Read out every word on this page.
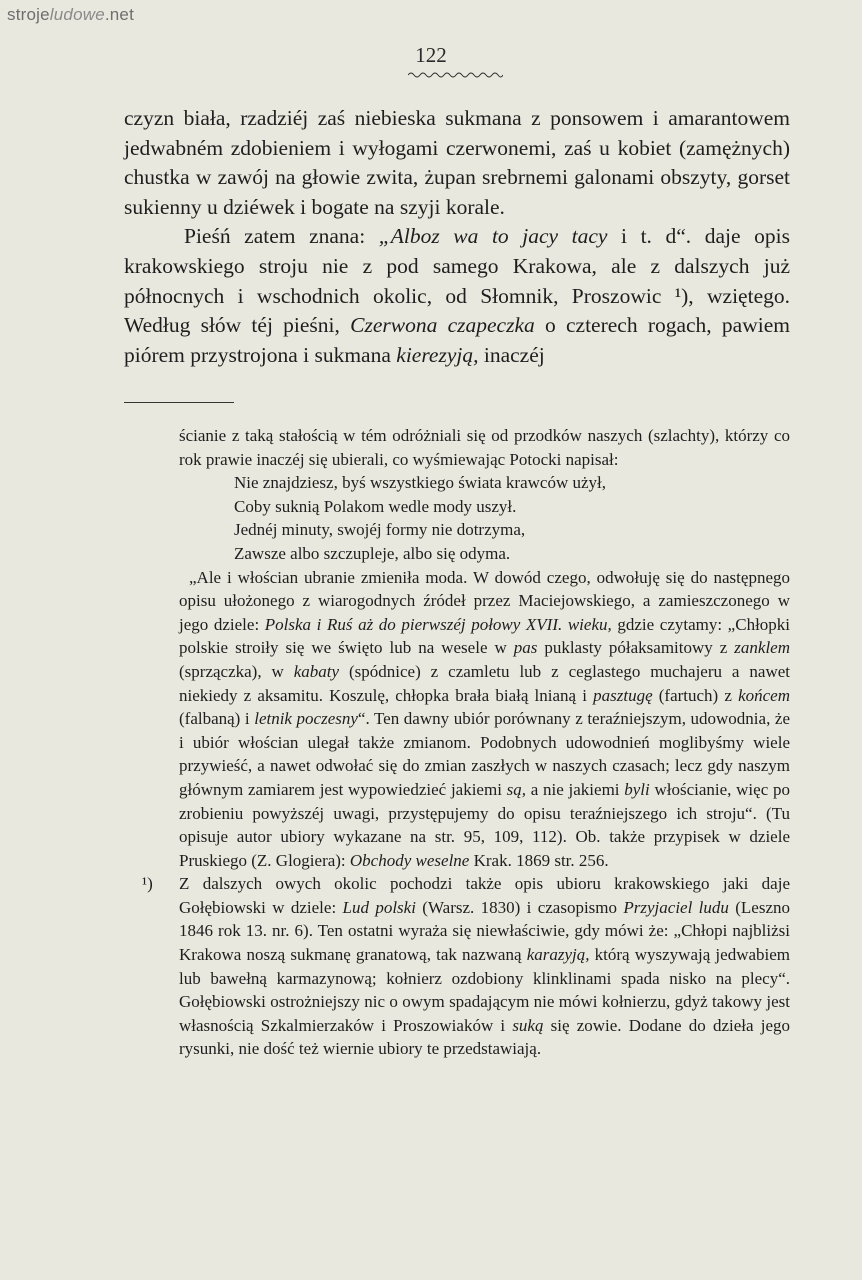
strojeludowe.net
122

czyzn biała, rzadziéj zaś niebieska sukmana z ponsowem i amarantowem jedwabném zdobieniem i wyłogami czerwonemi, zaś u kobiet (zamężnych) chustka w zawój na głowie zwita, żupan srebrnemi galonami obszyty, gorset sukienny u dziéwek i bogate na szyji korale.

Pieśń zatem znana: „Alboz wa to jacy tacy i t. d“. daje opis krakowskiego stroju nie z pod samego Krakowa, ale z dalszych już północnych i wschodnich okolic, od Słomnik, Proszowic ¹), wziętego. Według słów téj pieśni, Czerwona czapeczka o czterech rogach, pawiem piórem przystrojona i sukmana kierezyją, inaczéj

ścianie z taką stałością w tém odróżniali się od przodków naszych (szlachty), którzy co rok prawie inaczéj się ubierali, co wyśmiewając Potocki napisał:

Nie znajdziesz, byś wszystkiego świata krawców użył,
Coby suknią Polakom wedle mody uszył.
Jednéj minuty, swojéj formy nie dotrzyma,
Zawsze albo szczupleje, albo się odyma.

„Ale i włościan ubranie zmieniła moda. W dowód czego, odwołuję się do następnego opisu ułożonego z wiarogodnych źródeł przez Maciejowskiego, a zamieszczonego w jego dziele: Polska i Ruś aż do pierwszéj połowy XVII. wieku, gdzie czytamy: „Chłopki polskie stroiły się we święto lub na wesele w pas puklasty półaksamitowy z zanklem (sprzączka), w kabaty (spódnice) z czamletu lub z ceglastego muchajeru a nawet niekiedy z aksamitu. Koszulę, chłopka brała białą lnianą i pasztugę (fartuch) z końcem (falbaną) i letnik poczesny“. Ten dawny ubiór porównany z teraźniejszym, udowodnia, że i ubiór włościan ulegał także zmianom. Podobnych udowodnień moglibyśmy wiele przywieść, a nawet odwołać się do zmian zaszłych w naszych czasach; lecz gdy naszym głównym zamiarem jest wypowiedzieć jakiemi są, a nie jakiemi byli włościanie, więc po zrobieniu powyższéj uwagi, przystępujemy do opisu teraźniejszego ich stroju“. (Tu opisuje autor ubiory wykazane na str. 95, 109, 112). Ob. także przypisek w dziele Pruskiego (Z. Glogiera): Obchody weselne Krak. 1869 str. 256.

¹) Z dalszych owych okolic pochodzi także opis ubioru krakowskiego jaki daje Gołębiowski w dziele: Lud polski (Warsz. 1830) i czasopismo Przyjaciel ludu (Leszno 1846 rok 13. nr. 6). Ten ostatni wyraża się niewłaściwie, gdy mówi że: „Chłopi najbliżsi Krakowa noszą sukmanę granatową, tak nazwaną karazyją, którą wyszywają jedwabiem lub bawełną karmazynową; kołnierz ozdobiony klinklinami spada nisko na plecy“. Gołębiowski ostrożniejszy nic o owym spadającym nie mówi kołnierzu, gdyż takowy jest własnością Szkalmierzaków i Proszowiaków i suką się zowie. Dodane do dzieła jego rysunki, nie dość też wiernie ubiory te przedstawiają.
